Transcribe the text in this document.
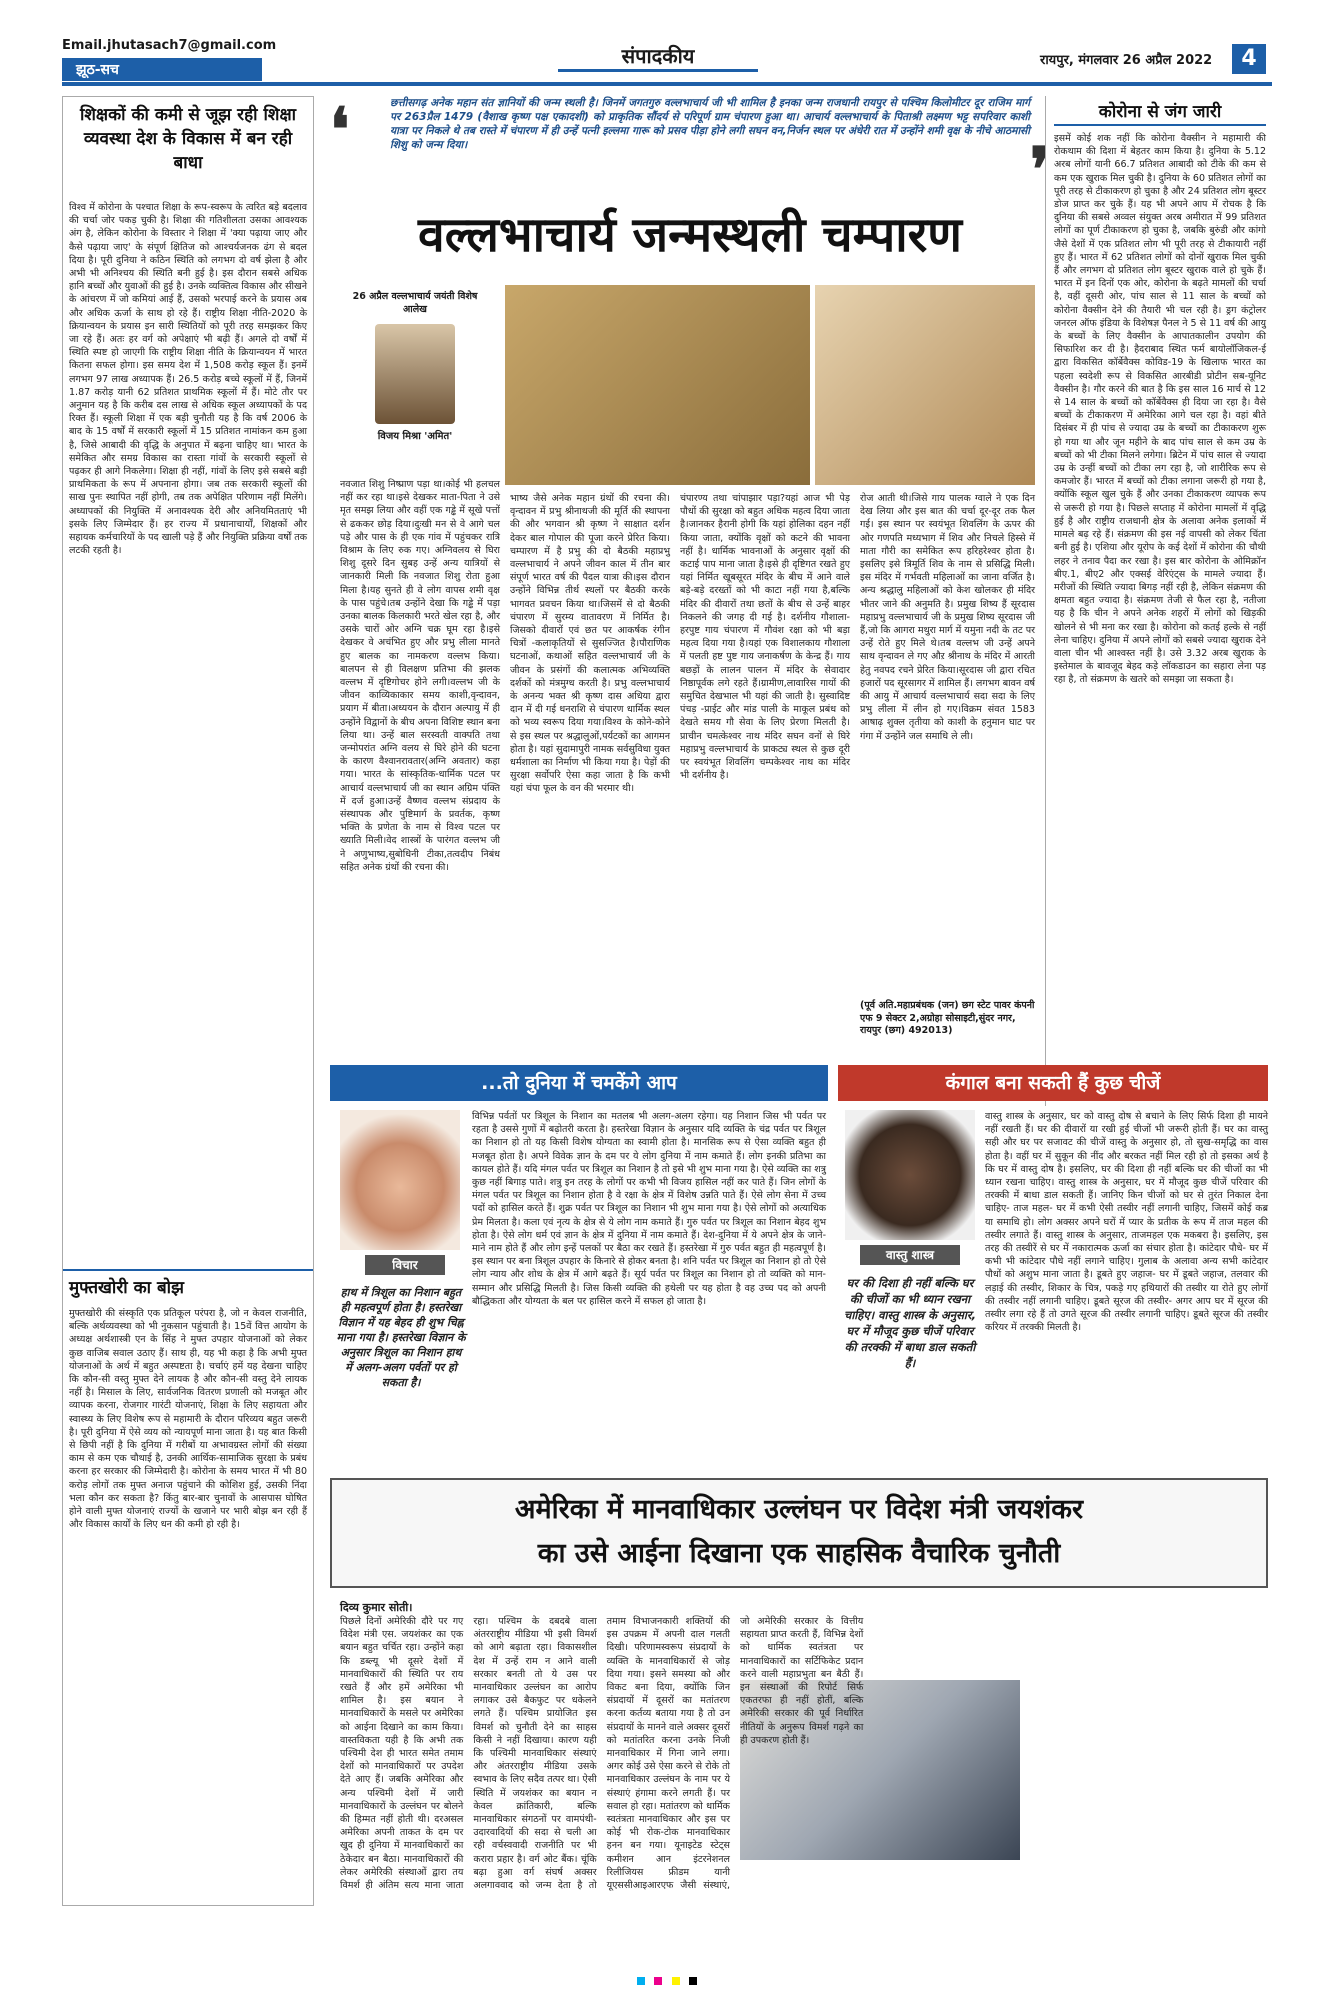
Email.jhutasach7@gmail.com
झूठ-सच
संपादकीय	रायपुर, मंगलवार 26 अप्रैल 2022	4
शिक्षकों की कमी से जूझ रही शिक्षा व्यवस्था देश के विकास में बन रही बाधा
विश्व में कोरोना के पश्चात शिक्षा के रूप-स्वरूप के त्वरित बड़े बदलाव की चर्चा जोर पकड़ चुकी है। शिक्षा की गतिशीलता उसका आवश्यक अंग है, लेकिन कोरोना के विस्तार ने शिक्षा में 'क्या पढ़ाया जाए और कैसे पढ़ाया जाए' के संपूर्ण क्षितिज को आश्चर्यजनक ढंग से बदल दिया है। पूरी दुनिया ने कठिन स्थिति को लगभग दो वर्ष झेला है और अभी भी अनिश्चय की स्थिति बनी हुई है। इस दौरान सबसे अधिक हानि बच्चों और युवाओं की हुई है। उनके व्यक्तित्व विकास और सीखने के आंचरण में जो कमियां आई हैं, उसको भरपाई करने के प्रयास अब और अधिक ऊर्जा के साथ हो रहे हैं। राष्ट्रीय शिक्षा नीति-2020 के क्रियान्वयन के प्रयास इन सारी स्थितियों को पूरी तरह समझकर किए जा रहे हैं। अतः हर वर्ग को अपेक्षाएं भी बढ़ी हैं। अगले दो वर्षों में स्थिति स्पष्ट हो जाएगी कि राष्ट्रीय शिक्षा नीति के क्रियान्वयन में भारत कितना सफल होगा। इस समय देश में 1,508 करोड़ स्कूल हैं। इनमें लगभग 97 लाख अध्यापक हैं। 26.5 करोड़ बच्चे स्कूलों में हैं, जिनमें 1.87 करोड़ यानी 62 प्रतिशत प्राथमिक स्कूलों में हैं। मोटे तौर पर अनुमान यह है कि करीब दस लाख से अधिक स्कूल अध्यापकों के पद रिक्त हैं। स्कूली शिक्षा में एक बड़ी चुनौती यह है कि वर्ष 2006 के बाद के 15 वर्षों में सरकारी स्कूलों में 15 प्रतिशत नामांकन कम हुआ है, जिसे आबादी की वृद्धि के अनुपात में बढ़ना चाहिए था। भारत के समेकित और समग्र विकास का रास्ता गांवों के सरकारी स्कूलों से पढ़कर ही आगे निकलेगा। शिक्षा ही नहीं, गांवों के लिए इसे सबसे बड़ी प्राथमिकता के रूप में अपनाना होगा। जब तक सरकारी स्कूलों की साख पुनः स्थापित नहीं होगी, तब तक अपेक्षित परिणाम नहीं मिलेंगे। अध्यापकों की नियुक्ति में अनावश्यक देरी और अनियमितताएं भी इसके लिए जिम्मेदार हैं। हर राज्य में प्रधानाचार्यों, शिक्षकों और सहायक कर्मचारियों के पद खाली पड़े हैं और नियुक्ति प्रक्रिया वर्षों तक लटकी रहती है।
मुफ्तखोरी का बोझ
मुफ्तखोरी की संस्कृति एक प्रतिकूल परंपरा है, जो न केवल राजनीति, बल्कि अर्थव्यवस्था को भी नुकसान पहुंचाती है। 15वें वित्त आयोग के अध्यक्ष अर्थशास्त्री एन के सिंह ने मुफ्त उपहार योजनाओं को लेकर कुछ वाजिब सवाल उठाए हैं। साथ ही, यह भी कहा है कि अभी मुफ्त योजनाओं के अर्थ में बहुत अस्पष्टता है। चर्चाएं हमें यह देखना चाहिए कि कौन-सी वस्तु मुफ्त देने लायक है और कौन-सी वस्तु देने लायक नहीं है। मिसाल के लिए, सार्वजनिक वितरण प्रणाली को मजबूत और व्यापक करना, रोजगार गारंटी योजनाएं, शिक्षा के लिए सहायता और स्वास्थ्य के लिए विशेष रूप से महामारी के दौरान परिव्यय बहुत जरूरी है। पूरी दुनिया में ऐसे व्यय को न्यायपूर्ण माना जाता है। यह बात किसी से छिपी नहीं है कि दुनिया में गरीबों या अभावग्रस्त लोगों की संख्या काम से कम एक चौथाई है, उनकी आर्थिक-सामाजिक सुरक्षा के प्रबंध करना हर सरकार की जिम्मेदारी है। कोरोना के समय भारत में भी 80 करोड़ लोगों तक मुफ्त अनाज पहुंचाने की कोशिश हुई, उसकी निंदा भला कौन कर सकता है? किंतु बार-बार चुनावों के आसपास घोषित होने वाली मुफ्त योजनाएं राज्यों के खजाने पर भारी बोझ बन रही हैं और विकास कार्यों के लिए धन की कमी हो रही है।
❛	छत्तीसगढ़ अनेक महान संत ज्ञानियों की जन्म स्थली है। जिनमें जगतगुरु वल्लभाचार्य जी भी शामिल है इनका जन्म राजधानी रायपुर से पश्चिम किलोमीटर दूर राजिम मार्ग पर 263प्रैल 1479 (वैशाख कृष्ण पक्ष एकादशी) को प्राकृतिक सौंदर्य से परिपूर्ण ग्राम चंपारण हुआ था। आचार्य वल्लभाचार्य के पिताश्री लक्ष्मण भट्ट सपरिवार काशी यात्रा पर निकले थे तब रास्ते में चंपारण में ही उन्हें पत्नी इल्लमा गारू को प्रसव पीड़ा होने लगी सघन वन,निर्जन स्थल पर अंधेरी रात में उन्होंने शमी वृक्ष के नीचे आठमासी शिशु को जन्म दिया।	❜
वल्लभाचार्य जन्मस्थली चम्पारण
26 अप्रैल वल्लभाचार्य जयंती विशेष आलेख
विजय मिश्रा 'अमित'
नवजात शिशु निष्प्राण पड़ा था।कोई भी हलचल नहीं कर रहा था।इसे देखकर माता-पिता ने उसे मृत समझ लिया और वहीं एक गड्ढे में सूखे पत्तों से ढककर छोड़ दिया।दुःखी मन से वे आगे चल पड़े और पास के ही एक गांव में पहुंचकर रात्रि विश्राम के लिए रुक गए। अग्निवलय से घिरा शिशु दूसरे दिन सुबह उन्हें अन्य यात्रियों से जानकारी मिली कि नवजात शिशु रोता हुआ मिला है।यह सुनते ही वे लोग वापस शमी वृक्ष के पास पहुंचे।तब उन्होंने देखा कि गड्ढे में पड़ा उनका बालक किलकारी भरते खेल रहा है, और उसके चारों ओर अग्नि चक्र घूम रहा है।इसे देखकर वे अचंभित हुए और प्रभु लीला मानते हुए बालक का नामकरण वल्लभ किया। बालपन से ही विलक्षण प्रतिभा की झलक वल्लभ में दृष्टिगोचर होने लगी।वल्लभ जी के जीवन काव्यिकाकार समय काशी,वृन्दावन, प्रयाग में बीता।अध्ययन के दौरान अल्पायु में ही उन्होंने विद्वानों के बीच अपना विशिष्ट स्थान बना लिया था। उन्हें बाल सरस्वती वाक्पति तथा जन्मोपरांत अग्नि वलय से घिरे होने की घटना के कारण वैश्वानरावतार(अग्नि अवतार) कहा गया। भारत के सांस्कृतिक-धार्मिक पटल पर आचार्य वल्लभाचार्य जी का स्थान अग्रिम पंक्ति में दर्ज हुआ।उन्हें वैष्णव वल्लभ संप्रदाय के संस्थापक और पुष्टिमार्ग के प्रवर्तक, कृष्ण भक्ति के प्रणेता के नाम से विश्व पटल पर ख्याति मिली।वेद शास्त्रों के पारंगत वल्लभ जी ने अणुभाष्य,सुबोधिनी टीका,तत्वदीप निबंध सहित अनेक ग्रंथों की रचना की।
भाष्य जैसे अनेक महान ग्रंथों की रचना की।वृन्दावन में प्रभु श्रीनाथजी की मूर्ति की स्थापना की और भगवान श्री कृष्ण ने साक्षात दर्शन देकर बाल गोपाल की पूजा करने प्रेरित किया। चम्पारण में है प्रभु की दो बैठकी महाप्रभु वल्लभाचार्य ने अपने जीवन काल में तीन बार संपूर्ण भारत वर्ष की पैदल यात्रा की।इस दौरान उन्होंने विभिन्न तीर्थ स्थलों पर बैठकी करके भागवत प्रवचन किया था।जिसमें से दो बैठकी चंपारण में सुरम्य वातावरण में निर्मित है। जिसको दीवारों एवं छत पर आकर्षक रंगीन चित्रों -कलाकृतियों से सुसज्जित है।पौराणिक घटनाओं, कथाओं सहित वल्लभाचार्य जी के जीवन के प्रसंगों की कलात्मक अभिव्यक्ति दर्शकों को मंत्रमुग्ध करती है। प्रभु वल्लभाचार्य के अनन्य भक्त श्री कृष्ण दास अधिया द्वारा दान में दी गई धनराशि से चंपारण धार्मिक स्थल को भव्य स्वरूप दिया गया।विश्व के कोने-कोने से इस स्थल पर श्रद्धालुओं,पर्यटकों का आगमन होता है। यहां सुदामापुरी नामक सर्वसुविधा युक्त धर्मशाला का निर्माण भी किया गया है। पेड़ों की सुरक्षा सर्वोपरि ऐसा कहा जाता है कि कभी यहां चंपा फूल के वन की भरमार थी।
चंपारण्य तथा चांपाझार पड़ा?यहां आज भी पेड़ पौधों की सुरक्षा को बहुत अधिक महत्व दिया जाता है।जानकर हैरानी होगी कि यहां होलिका दहन नहीं किया जाता, क्योंकि वृक्षों को कटने की भावना नहीं है। धार्मिक भावनाओं के अनुसार वृक्षों की कटाई पाप माना जाता है।इसे ही दृष्टिगत रखते हुए यहां निर्मित खूबसूरत मंदिर के बीच में आने वाले बड़े-बड़े दरख्तों को भी काटा नहीं गया है,बल्कि मंदिर की दीवारों तथा छतों के बीच से उन्हें बाहर निकलने की जगह दी गई है। दर्शनीय गौशाला-हरपुष्ट गाय चंपारण में गौवंश रक्षा को भी बड़ा महत्व दिया गया है।यहां एक विशालकाय गौशाला में पलती हष्ट पुष्ट गाय जनाकर्षण के केन्द्र हैं। गाय बछड़ों के लालन पालन में मंदिर के सेवादार निष्ठापूर्वक लगे रहते हैं।ग्रामीण,लावारिस गायों की समुचित देखभाल भी यहां की जाती है। सुस्वादिष्ट पंचड़ -प्राईट और मांड पाली के माकूल प्रबंध को देखते समय गौ सेवा के लिए प्रेरणा मिलती है। प्राचीन चमत्केश्वर नाथ मंदिर सघन वनों से घिरे महाप्रभु वल्लभाचार्य के प्राकट्य स्थल से कुछ दूरी पर स्वयंभूत शिवलिंग चम्पकेश्वर नाथ का मंदिर भी दर्शनीय है।
रोज आती थी।जिसे गाय पालक ग्वाले ने एक दिन देख लिया और इस बात की चर्चा दूर-दूर तक फैल गई। इस स्थान पर स्वयंभूत शिवलिंग के ऊपर की ओर गणपति मध्यभाग में शिव और निचले हिस्से में माता गौरी का समेकित रूप हरिहरेश्वर होता है। इसलिए इसे त्रिमूर्ति शिव के नाम से प्रसिद्धि मिली।इस मंदिर में गर्भवती महिलाओं का जाना वर्जित है।अन्य श्रद्धालु महिलाओं को केश खोलकर ही मंदिर भीतर जाने की अनुमति है। प्रमुख शिष्य हैं सूरदास महाप्रभु वल्लभाचार्य जी के प्रमुख शिष्य सूरदास जी हैं,जो कि आगरा मथुरा मार्ग में यमुना नदी के तट पर उन्हें रोते हुए मिले थे।तब वल्लभ जी उन्हें अपने साथ वृन्दावन ले गए औऱ श्रीनाथ के मंदिर में आरती हेतु नवपद रचने प्रेरित किया।सूरदास जी द्वारा रचित हजारों पद सूरसागर में शामिल हैं। लगभग बावन वर्ष की आयु में आचार्य वल्लभाचार्य सदा सदा के लिए प्रभु लीला में लीन हो गए।विक्रम संवत 1583 आषाढ़ शुक्ल तृतीया को काशी के हनुमान घाट पर गंगा में उन्होंने जल समाधि ले ली।
(पूर्व अति.महाप्रबंधक (जन) छग स्टेट पावर कंपनी एफ 9 सेक्टर 2,अग्रोहा सोसाइटी,सुंदर नगर, रायपुर (छग) 492013)
कोरोना से जंग जारी
इसमें कोई शक नहीं कि कोरोना वैक्सीन ने महामारी की रोकथाम की दिशा में बेहतर काम किया है। दुनिया के 5.12 अरब लोगों यानी 66.7 प्रतिशत आबादी को टीके की कम से कम एक खुराक मिल चुकी है। दुनिया के 60 प्रतिशत लोगों का पूरी तरह से टीकाकरण हो चुका है और 24 प्रतिशत लोग बूस्टर डोज प्राप्त कर चुके हैं। यह भी अपने आप में रोचक है कि दुनिया की सबसे अव्वल संयुक्त अरब अमीरात में 99 प्रतिशत लोगों का पूर्ण टीकाकरण हो चुका है, जबकि बुरुंडी और कांगो जैसे देशों में एक प्रतिशत लोग भी पूरी तरह से टीकायारी नहीं हुए हैं। भारत में 62 प्रतिशत लोगों को दोनों खुराक मिल चुकी हैं और लगभग दो प्रतिशत लोग बूस्टर खुराक वाले हो चुके हैं। भारत में इन दिनों एक ओर, कोरोना के बढ़ते मामलों की चर्चा है, वहीं दूसरी ओर, पांच साल से 11 साल के बच्चों को कोरोना वैक्सीन देने की तैयारी भी चल रही है। ड्रग कंट्रोलर जनरल ऑफ इंडिया के विशेषज्ञ पैनल ने 5 से 11 वर्ष की आयु के बच्चों के लिए वैक्सीन के आपातकालीन उपयोग की सिफारिश कर दी है। हैदराबाद स्थित फर्म बायोलॉजिकल-ई द्वारा विकसित कॉर्बेवैक्स कोविड-19 के खिलाफ भारत का पहला स्वदेशी रूप से विकसित आरबीडी प्रोटीन सब-यूनिट वैक्सीन है। गौर करने की बात है कि इस साल 16 मार्च से 12 से 14 साल के बच्चों को कॉर्बेवैक्स ही दिया जा रहा है। वैसे बच्चों के टीकाकरण में अमेरिका आगे चल रहा है। वहां बीते दिसंबर में ही पांच से ज्यादा उम्र के बच्चों का टीकाकरण शुरू हो गया था और जून महीने के बाद पांच साल से कम उम्र के बच्चों को भी टीका मिलने लगेगा। ब्रिटेन में पांच साल से ज्यादा उम्र के उन्हीं बच्चों को टीका लग रहा है, जो शारीरिक रूप से कमजोर हैं। भारत में बच्चों को टीका लगाना जरूरी हो गया है, क्योंकि स्कूल खुल चुके हैं और उनका टीकाकरण व्यापक रूप से जरूरी हो गया है। पिछले सप्ताह में कोरोना मामलों में वृद्धि हुई है और राष्ट्रीय राजधानी क्षेत्र के अलावा अनेक इलाकों में मामले बढ़ रहे हैं। संक्रमण की इस नई वापसी को लेकर चिंता बनी हुई है। एशिया और यूरोप के कई देशों में कोरोना की चौथी लहर ने तनाव पैदा कर रखा है। इस बार कोरोना के ओमिक्रॉन बीए.1, बीए2 और एक्सई वेरिएंट्स के मामले ज्यादा हैं। मरीजों की स्थिति ज्यादा बिगड़ नहीं रही है, लेकिन संक्रमण की क्षमता बहुत ज्यादा है। संक्रमण तेजी से फैल रहा है, नतीजा यह है कि चीन ने अपने अनेक शहरों में लोगों को खिड़की खोलने से भी मना कर रखा है। कोरोना को कतई हल्के से नहीं लेना चाहिए। दुनिया में अपने लोगों को सबसे ज्यादा खुराक देने वाला चीन भी आश्वस्त नहीं है। उसे 3.32 अरब खुराक के इस्तेमाल के बावजूद बेहद कड़े लॉकडाउन का सहारा लेना पड़ रहा है, तो संक्रमण के खतरे को समझा जा सकता है।
...तो दुनिया में चमकेंगे आप	कंगाल बना सकती हैं कुछ चीजें
विचार
हाथ में त्रिशूल का निशान बहुत ही महत्वपूर्ण होता है। हस्तरेखा विज्ञान में यह बेहद ही शुभ चिह्न माना गया है। हस्तरेखा विज्ञान के अनुसार त्रिशूल का निशान हाथ में अलग-अलग पर्वतों पर हो सकता है।
विभिन्न पर्वतों पर त्रिशूल के निशान का मतलब भी अलग-अलग रहेगा। यह निशान जिस भी पर्वत पर रहता है उससे गुणों में बढ़ोतरी करता है। हस्तरेखा विज्ञान के अनुसार यदि व्यक्ति के चंद्र पर्वत पर त्रिशूल का निशान हो तो यह किसी विशेष योग्यता का स्वामी होता है। मानसिक रूप से ऐसा व्यक्ति बहुत ही मजबूत होता है। अपने विवेक ज्ञान के दम पर ये लोग दुनिया में नाम कमाते हैं। लोग इनकी प्रतिभा का कायल होते हैं। यदि मंगल पर्वत पर त्रिशूल का निशान है तो इसे भी शुभ माना गया है। ऐसे व्यक्ति का शत्रु कुछ नहीं बिगाड़ पाते। शत्रु इन तरह के लोगों पर कभी भी विजय हासिल नहीं कर पाते हैं। जिन लोगों के मंगल पर्वत पर त्रिशूल का निशान होता है वे रक्षा के क्षेत्र में विशेष उन्नति पाते हैं। ऐसे लोग सेना में उच्च पदों को हासिल करते हैं। शुक्र पर्वत पर त्रिशूल का निशान भी शुभ माना गया है। ऐसे लोगों को अत्याधिक प्रेम मिलता है। कला एवं नृत्य के क्षेत्र से ये लोग नाम कमाते हैं। गुरु पर्वत पर त्रिशूल का निशान बेहद शुभ होता है। ऐसे लोग धर्म एवं ज्ञान के क्षेत्र में दुनिया में नाम कमाते हैं। देश-दुनिया में ये अपने क्षेत्र के जाने-माने नाम होते हैं और लोग इन्हें पलकों पर बैठा कर रखते हैं। हस्तरेखा में गुरु पर्वत बहुत ही महत्वपूर्ण है। इस स्थान पर बना त्रिशूल उपहार के किनारे से होकर बनता है। शनि पर्वत पर त्रिशूल का निशान हो तो ऐसे लोग न्याय और शोध के क्षेत्र में आगे बढ़ते हैं। सूर्य पर्वत पर त्रिशूल का निशान हो तो व्यक्ति को मान-सम्मान और प्रसिद्धि मिलती है। जिस किसी व्यक्ति की हथेली पर यह होता है वह उच्च पद को अपनी बौद्धिकता और योग्यता के बल पर हासिल करने में सफल हो जाता है।
वास्तु शास्त्र
घर की दिशा ही नहीं बल्कि घर की चीजों का भी ध्यान रखना चाहिए। वास्तु शास्त्र के अनुसार, घर में मौजूद कुछ चीजें परिवार की तरक्की में बाधा डाल सकती हैं।
वास्तु शास्त्र के अनुसार, घर को वास्तु दोष से बचाने के लिए सिर्फ दिशा ही मायने नहीं रखती हैं। घर की दीवारों या रखी हुई चीजों भी जरूरी होती हैं। घर का वास्तु सही और घर पर सजावट की चीजें वास्तु के अनुसार हो, तो सुख-समृद्धि का वास होता है। वहीं घर में सुकून की नींद और बरकत नहीं मिल रही हो तो इसका अर्थ है कि घर में वास्तु दोष है। इसलिए, घर की दिशा ही नहीं बल्कि घर की चीजों का भी ध्यान रखना चाहिए। वास्तु शास्त्र के अनुसार, घर में मौजूद कुछ चीजें परिवार की तरक्की में बाधा डाल सकती हैं। जानिए किन चीजों को घर से तुरंत निकाल देना चाहिए- ताज महल- घर में कभी ऐसी तस्वीर नहीं लगानी चाहिए, जिसमें कोई कब्र या समाधि हो। लोग अक्सर अपने घरों में प्यार के प्रतीक के रूप में ताज महल की तस्वीर लगाते हैं। वास्तु शास्त्र के अनुसार, ताजमहल एक मकबरा है। इसलिए, इस तरह की तस्वीरें से घर में नकारात्मक ऊर्जा का संचार होता है। कांटेदार पौधे- घर में कभी भी कांटेदार पौधे नहीं लगाने चाहिए। गुलाब के अलावा अन्य सभी कांटेदार पौधों को अशुभ माना जाता है। डूबते हुए जहाज- घर में डूबते जहाज, तलवार की लड़ाई की तस्वीर, शिकार के चित्र, पकड़े गए हथियारों की तस्वीर या रोते हुए लोगों की तस्वीर नहीं लगानी चाहिए। डूबते सूरज की तस्वीर- अगर आप घर में सूरज की तस्वीर लगा रहे हैं तो उगते सूरज की तस्वीर लगानी चाहिए। डूबते सूरज की तस्वीर करियर में तरक्की मिलती है।
अमेरिका में मानवाधिकार उल्लंघन पर विदेश मंत्री जयशंकर
का उसे आईना दिखाना एक साहसिक वैचारिक चुनौती
दिव्य कुमार सोती।
पिछले दिनों अमेरिकी दौरे पर गए विदेश मंत्री एस. जयशंकर का एक बयान बहुत चर्चित रहा। उन्होंने कहा कि डब्ल्यू भी दूसरे देशों में मानवाधिकारों की स्थिति पर राय रखते हैं और हमें अमेरिका भी शामिल है। इस बयान ने मानवाधिकारों के मसले पर अमेरिका को आईना दिखाने का काम किया। वास्तविकता यही है कि अभी तक पश्चिमी देश ही भारत समेत तमाम देशों को मानवाधिकारों पर उपदेश देते आए हैं। जबकि अमेरिका और अन्य पश्चिमी देशों में जारी मानवाधिकारों के उल्लंघन पर बोलने की हिम्मत नहीं होती थी। दरअसल अमेरिका अपनी ताकत के दम पर खुद ही दुनिया में मानवाधिकारों का ठेकेदार बन बैठा। मानवाधिकारों की लेकर अमेरिकी संस्थाओं द्वारा तय विमर्श ही अंतिम सत्य माना जाता रहा। पश्चिम के दबदबे वाला अंतरराष्ट्रीय मीडिया भी इसी विमर्श को आगे बढ़ाता रहा। विकासशील देश में उन्हें राम न आने वाली सरकार बनती तो ये उस पर मानवाधिकार उल्लंघन का आरोप लगाकर उसे बैकफुट पर धकेलने लगते हैं। पश्चिम प्रायोजित इस विमर्श को चुनौती देने का साहस किसी ने नहीं दिखाया। कारण यही कि पश्चिमी मानवाधिकार संस्थाएं और अंतरराष्ट्रीय मीडिया उसके स्वभाव के लिए सदैव तत्पर था। ऐसी स्थिति में जयशंकर का बयान न केवल क्रांतिकारी, बल्कि मानवाधिकार संगठनों पर वामपंथी-उदारवादियों की सदा से चली आ रही वर्चस्ववादी राजनीति पर भी करारा प्रहार है। वर्ग ओट बैंक। चूंकि बढ़ा हुआ वर्ग संघर्ष अक्सर अलगाववाद को जन्म देता है तो तमाम विभाजनकारी शक्तियों की इस उपक्रम में अपनी दाल गलती दिखी। परिणामस्वरूप संप्रदायों के व्यक्ति के मानवाधिकारों से जोड़ दिया गया। इसने समस्या को और विकट बना दिया, क्योंकि जिन संप्रदायों में दूसरों का मतांतरण करना कर्तव्य बताया गया है तो उन संप्रदायों के मानने वाले अक्सर दूसरों को मतांतरित करना उनके निजी मानवाधिकार में गिना जाने लगा। अगर कोई उसे ऐसा करने से रोके तो मानवाधिकार उल्लंघन के नाम पर ये संस्थाएं हंगामा करने लगती हैं। पर सवाल हो रहा। मतांतरण को धार्मिक स्वतंत्रता मानवाधिकार और इस पर कोई भी रोक-टोक मानवाधिकार हनन बन गया। यूनाइटेड स्टेट्स कमीशन आन इंटरनेशनल रिलीजियस फ्रीडम यानी यूएससीआइआरएफ जैसी संस्थाएं, जो अमेरिकी सरकार के वित्तीय सहायता प्राप्त करती हैं, विभिन्न देशों को धार्मिक स्वतंत्रता पर मानवाधिकारों का सर्टिफिकेट प्रदान करने वाली महाप्रभुता बन बैठी हैं।
